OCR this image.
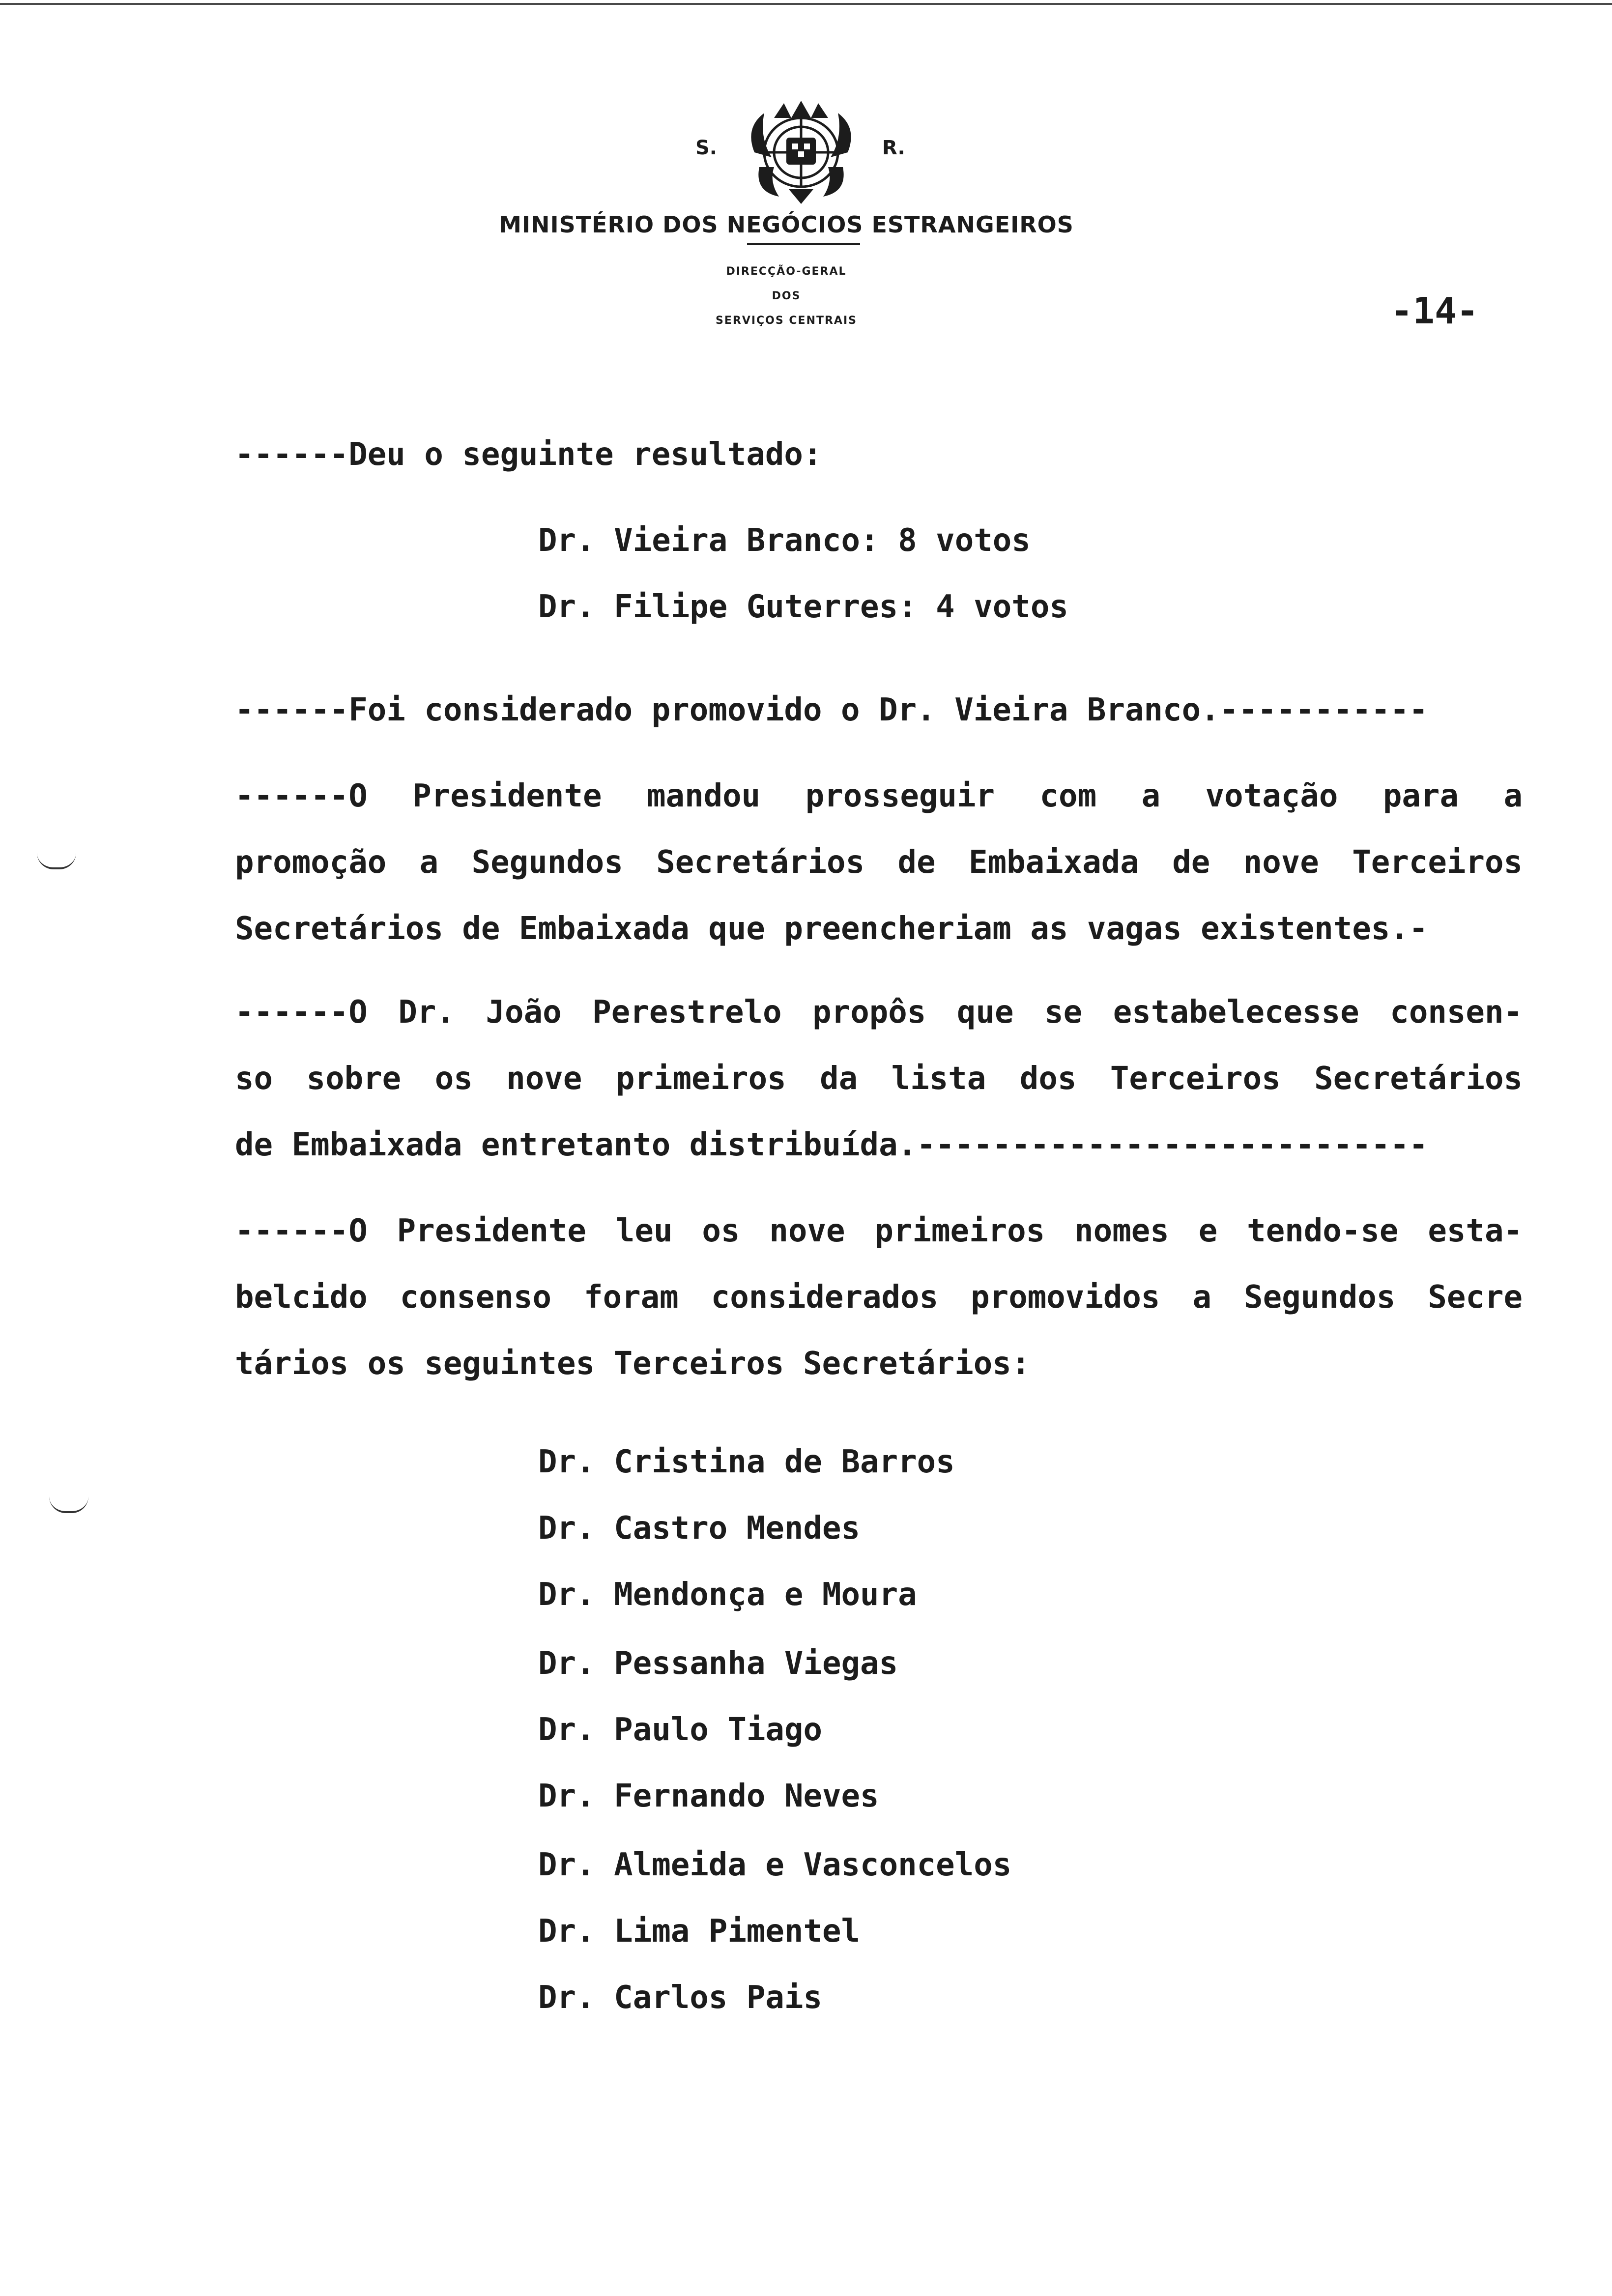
S.	R.
MINISTÉRIO DOS NEGÓCIOS ESTRANGEIROS
DIRECÇÃO-GERAL
DOS
SERVIÇOS CENTRAIS	-14-
------Deu o seguinte resultado:
Dr. Vieira Branco: 8 votos
Dr. Filipe Guterres: 4 votos
------Foi considerado promovido o Dr. Vieira Branco.-----------
------O Presidente mandou prosseguir com a votação para a
promoção a Segundos Secretários de Embaixada de nove Terceiros
Secretários de Embaixada que preencheriam as vagas existentes.-
------O Dr. João Perestrelo propôs que se estabelecesse consen-
so sobre os nove primeiros da lista dos Terceiros Secretários
de Embaixada entretanto distribuída.---------------------------
------O Presidente leu os nove primeiros nomes e tendo-se esta-
belcido consenso foram considerados promovidos a Segundos Secre
tários os seguintes Terceiros Secretários:
Dr. Cristina de Barros
Dr. Castro Mendes
Dr. Mendonça e Moura
Dr. Pessanha Viegas
Dr. Paulo Tiago
Dr. Fernando Neves
Dr. Almeida e Vasconcelos
Dr. Lima Pimentel
Dr. Carlos Pais
